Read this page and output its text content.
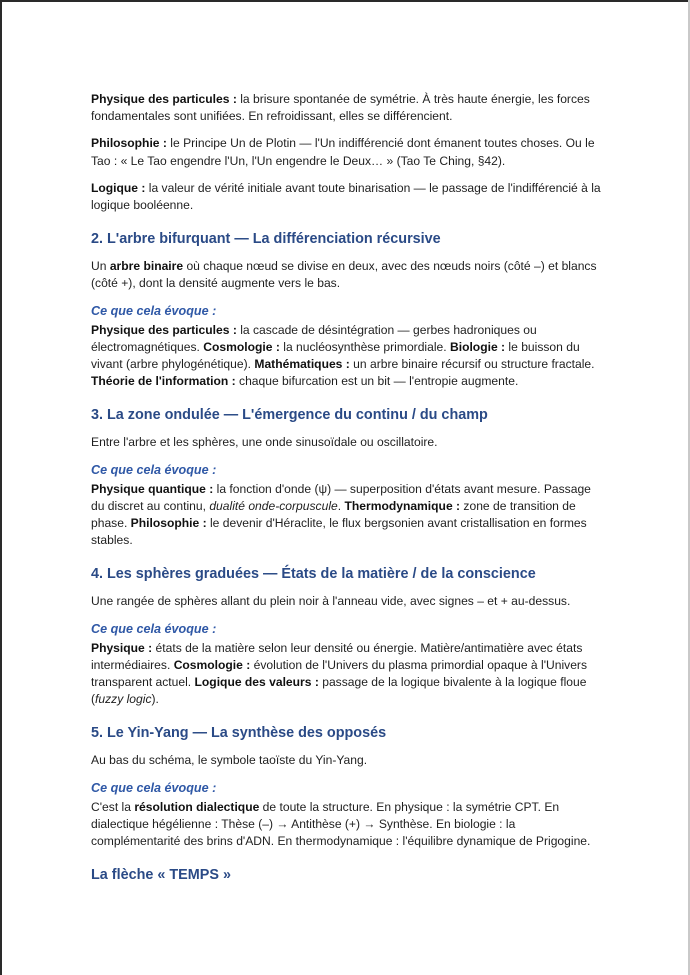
Physique des particules : la brisure spontanée de symétrie. À très haute énergie, les forces fondamentales sont unifiées. En refroidissant, elles se différencient.

Philosophie : le Principe Un de Plotin — l'Un indifférencié dont émanent toutes choses. Ou le Tao : « Le Tao engendre l'Un, l'Un engendre le Deux… » (Tao Te Ching, §42).

Logique : la valeur de vérité initiale avant toute binarisation — le passage de l'indifférencié à la logique booléenne.

2. L'arbre bifurquant — La différenciation récursive

Un arbre binaire où chaque nœud se divise en deux, avec des nœuds noirs (côté –) et blancs (côté +), dont la densité augmente vers le bas.

Ce que cela évoque :

Physique des particules : la cascade de désintégration — gerbes hadroniques ou électromagnétiques. Cosmologie : la nucléosynthèse primordiale. Biologie : le buisson du vivant (arbre phylogénétique). Mathématiques : un arbre binaire récursif ou structure fractale. Théorie de l'information : chaque bifurcation est un bit — l'entropie augmente.

3. La zone ondulée — L'émergence du continu / du champ

Entre l'arbre et les sphères, une onde sinusoïdale ou oscillatoire.

Ce que cela évoque :

Physique quantique : la fonction d'onde (ψ) — superposition d'états avant mesure. Passage du discret au continu, dualité onde-corpuscule. Thermodynamique : zone de transition de phase. Philosophie : le devenir d'Héraclite, le flux bergsonien avant cristallisation en formes stables.

4. Les sphères graduées — États de la matière / de la conscience

Une rangée de sphères allant du plein noir à l'anneau vide, avec signes – et + au-dessus.

Ce que cela évoque :

Physique : états de la matière selon leur densité ou énergie. Matière/antimatière avec états intermédiaires. Cosmologie : évolution de l'Univers du plasma primordial opaque à l'Univers transparent actuel. Logique des valeurs : passage de la logique bivalente à la logique floue (fuzzy logic).

5. Le Yin-Yang — La synthèse des opposés

Au bas du schéma, le symbole taoïste du Yin-Yang.

Ce que cela évoque :

C'est la résolution dialectique de toute la structure. En physique : la symétrie CPT. En dialectique hégélienne : Thèse (–) → Antithèse (+) → Synthèse. En biologie : la complémentarité des brins d'ADN. En thermodynamique : l'équilibre dynamique de Prigogine.

La flèche « TEMPS »
